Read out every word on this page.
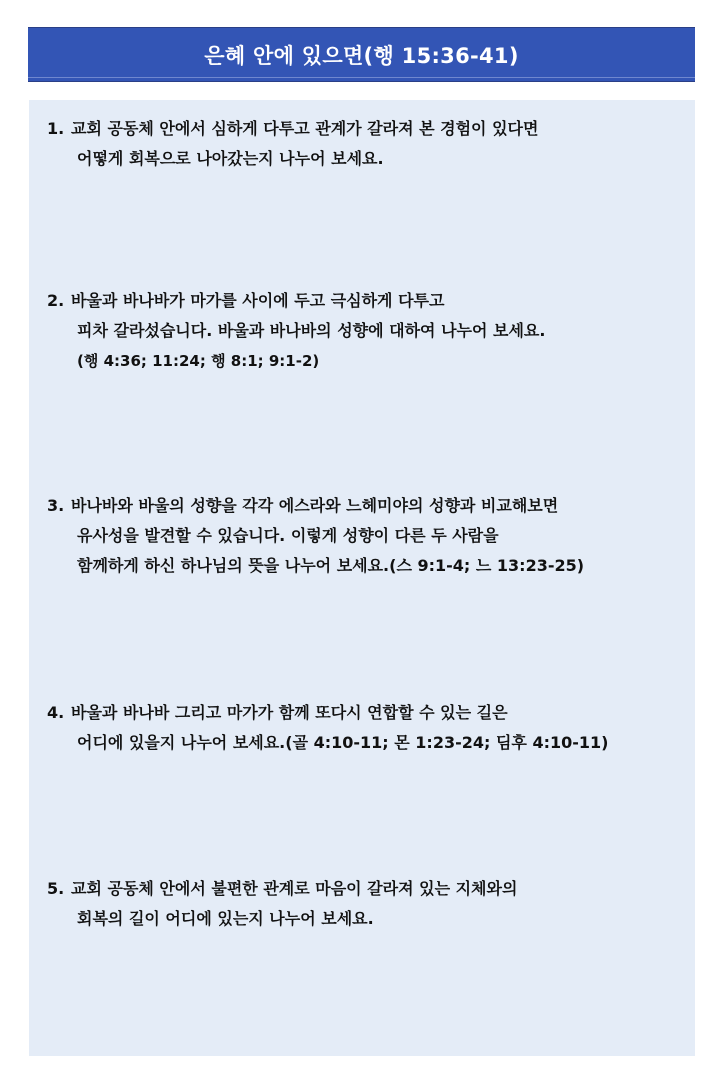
은혜 안에 있으면(행 15:36-41)
1. 교회 공동체 안에서 심하게 다투고 관계가 갈라져 본 경험이 있다면
어떻게 회복으로 나아갔는지 나누어 보세요.
2. 바울과 바나바가 마가를 사이에 두고 극심하게 다투고
피차 갈라섰습니다. 바울과 바나바의 성향에 대하여 나누어 보세요.
(행 4:36; 11:24; 행 8:1; 9:1-2)
3. 바나바와 바울의 성향을 각각 에스라와 느헤미야의 성향과 비교해보면
유사성을 발견할 수 있습니다. 이렇게 성향이 다른 두 사람을
함께하게 하신 하나님의 뜻을 나누어 보세요.(스 9:1-4; 느 13:23-25)
4. 바울과 바나바 그리고 마가가 함께 또다시 연합할 수 있는 길은
어디에 있을지 나누어 보세요.(골 4:10-11; 몬 1:23-24; 딤후 4:10-11)
5. 교회 공동체 안에서 불편한 관계로 마음이 갈라져 있는 지체와의
회복의 길이 어디에 있는지 나누어 보세요.
